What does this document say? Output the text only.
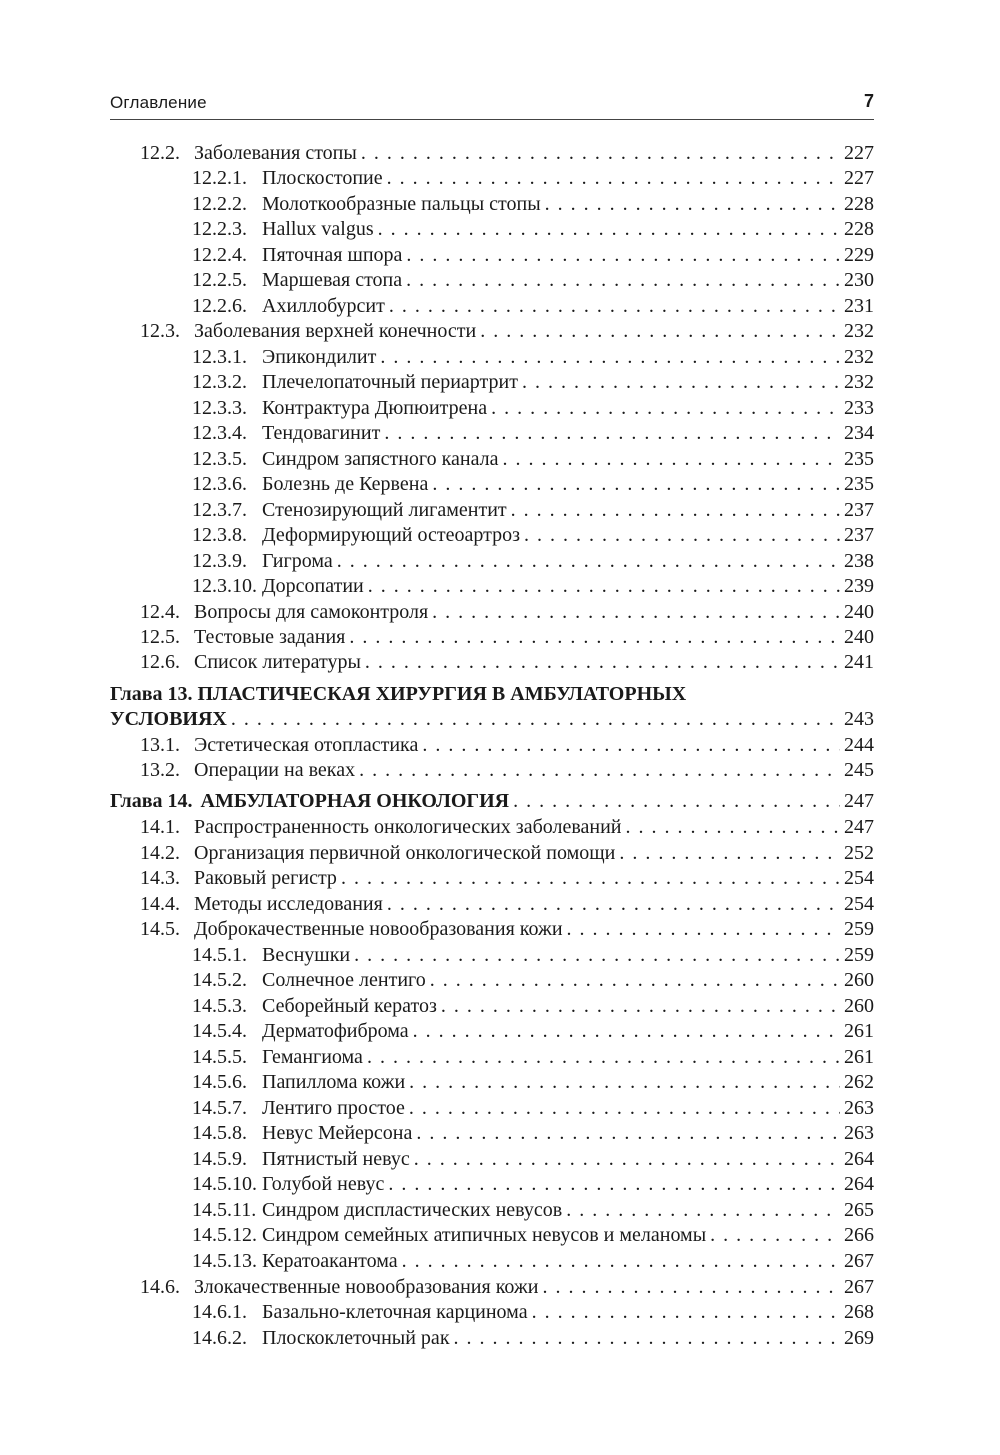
Оглавление	7
12.2. Заболевания стопы . . .	227
12.2.1. Плоскостопие . . .	227
12.2.2. Молоткообразные пальцы стопы . . .	228
12.2.3. Hallux valgus . . .	228
12.2.4. Пяточная шпора . . .	229
12.2.5. Маршевая стопа . . .	230
12.2.6. Ахиллобурсит . . .	231
12.3. Заболевания верхней конечности . . .	232
12.3.1. Эпикондилит . . .	232
12.3.2. Плечелопаточный периартрит . . .	232
12.3.3. Контрактура Дюпюитрена . . .	233
12.3.4. Тендовагинит . . .	234
12.3.5. Синдром запястного канала . . .	235
12.3.6. Болезнь де Кервена . . .	235
12.3.7. Стенозирующий лигаментит . . .	237
12.3.8. Деформирующий остеоартроз . . .	237
12.3.9. Гигрома . . .	238
12.3.10. Дорсопатии . . .	239
12.4. Вопросы для самоконтроля . . .	240
12.5. Тестовые задания . . .	240
12.6. Список литературы . . .	241
Глава 13. ПЛАСТИЧЕСКАЯ ХИРУРГИЯ В АМБУЛАТОРНЫХ
УСЛОВИЯХ . . .	243
13.1. Эстетическая отопластика . . .	244
13.2. Операции на веках . . .	245
Глава 14. АМБУЛАТОРНАЯ ОНКОЛОГИЯ . . .	247
14.1. Распространенность онкологических заболеваний . . .	247
14.2. Организация первичной онкологической помощи . . .	252
14.3. Раковый регистр . . .	254
14.4. Методы исследования . . .	254
14.5. Доброкачественные новообразования кожи . . .	259
14.5.1. Веснушки . . .	259
14.5.2. Солнечное лентиго . . .	260
14.5.3. Себорейный кератоз . . .	260
14.5.4. Дерматофиброма . . .	261
14.5.5. Гемангиома . . .	261
14.5.6. Папиллома кожи . . .	262
14.5.7. Лентиго простое . . .	263
14.5.8. Невус Мейерсона . . .	263
14.5.9. Пятнистый невус . . .	264
14.5.10. Голубой невус . . .	264
14.5.11. Синдром диспластических невусов . . .	265
14.5.12. Синдром семейных атипичных невусов и меланомы . . .	266
14.5.13. Кератоакантома . . .	267
14.6. Злокачественные новообразования кожи . . .	267
14.6.1. Базально-клеточная карцинома . . .	268
14.6.2. Плоскоклеточный рак . . .	269
